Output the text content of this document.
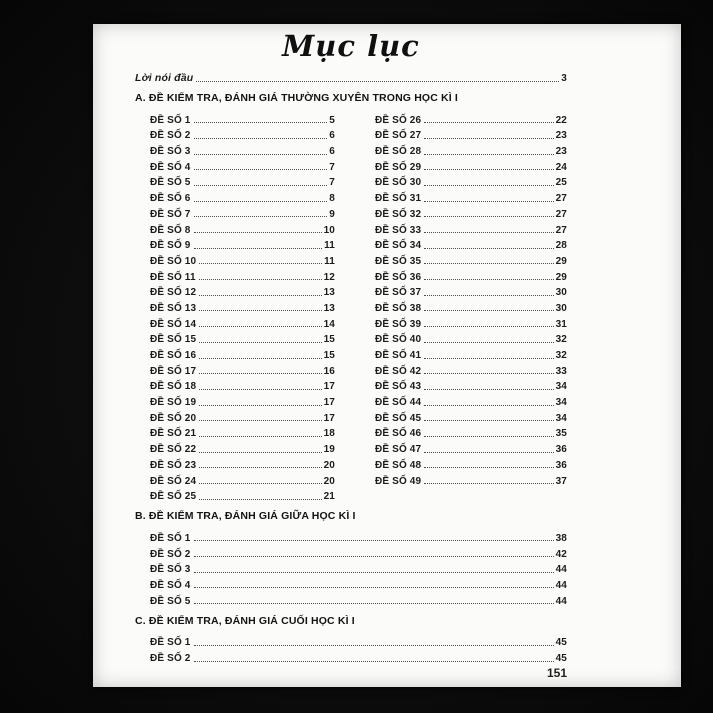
Mục lục
Lời nói đầu	3
A. ĐỀ KIỂM TRA, ĐÁNH GIÁ THƯỜNG XUYÊN TRONG HỌC KÌ I
ĐỀ SỐ 1	5
ĐỀ SỐ 2	6
ĐỀ SỐ 3	6
ĐỀ SỐ 4	7
ĐỀ SỐ 5	7
ĐỀ SỐ 6	8
ĐỀ SỐ 7	9
ĐỀ SỐ 8	10
ĐỀ SỐ 9	11
ĐỀ SỐ 10	11
ĐỀ SỐ 11	12
ĐỀ SỐ 12	13
ĐỀ SỐ 13	13
ĐỀ SỐ 14	14
ĐỀ SỐ 15	15
ĐỀ SỐ 16	15
ĐỀ SỐ 17	16
ĐỀ SỐ 18	17
ĐỀ SỐ 19	17
ĐỀ SỐ 20	17
ĐỀ SỐ 21	18
ĐỀ SỐ 22	19
ĐỀ SỐ 23	20
ĐỀ SỐ 24	20
ĐỀ SỐ 25	21
ĐỀ SỐ 26	22
ĐỀ SỐ 27	23
ĐỀ SỐ 28	23
ĐỀ SỐ 29	24
ĐỀ SỐ 30	25
ĐỀ SỐ 31	27
ĐỀ SỐ 32	27
ĐỀ SỐ 33	27
ĐỀ SỐ 34	28
ĐỀ SỐ 35	29
ĐỀ SỐ 36	29
ĐỀ SỐ 37	30
ĐỀ SỐ 38	30
ĐỀ SỐ 39	31
ĐỀ SỐ 40	32
ĐỀ SỐ 41	32
ĐỀ SỐ 42	33
ĐỀ SỐ 43	34
ĐỀ SỐ 44	34
ĐỀ SỐ 45	34
ĐỀ SỐ 46	35
ĐỀ SỐ 47	36
ĐỀ SỐ 48	36
ĐỀ SỐ 49	37
B. ĐỀ KIỂM TRA, ĐÁNH GIÁ GIỮA HỌC KÌ I
ĐỀ SỐ 1	38
ĐỀ SỐ 2	42
ĐỀ SỐ 3	44
ĐỀ SỐ 4	44
ĐỀ SỐ 5	44
C. ĐỀ KIỂM TRA, ĐÁNH GIÁ CUỐI HỌC KÌ I
ĐỀ SỐ 1	45
ĐỀ SỐ 2	45
151
